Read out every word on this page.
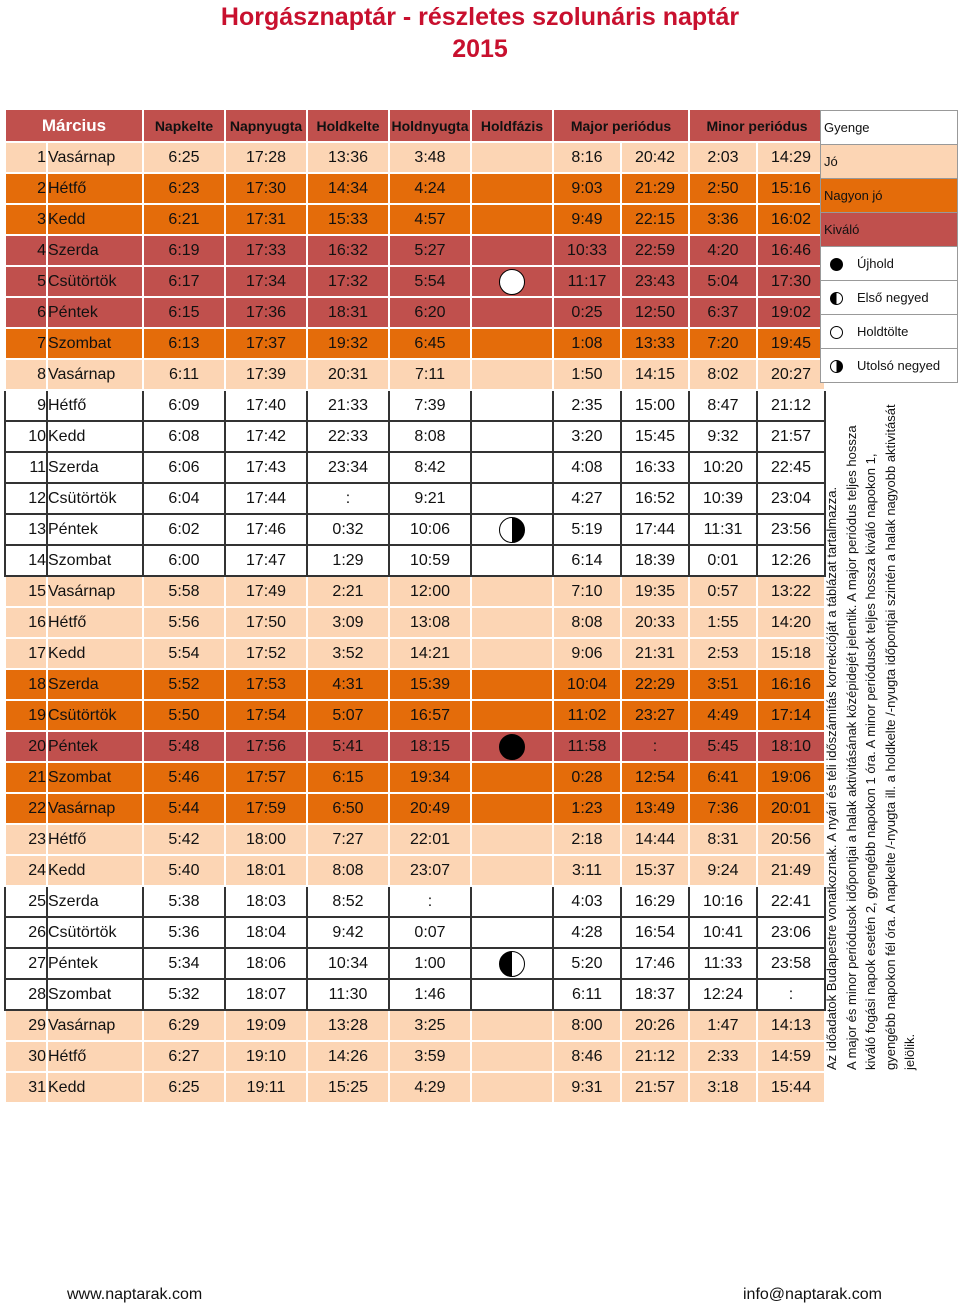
Horgásznaptár - részletes szolunáris naptár
2015
Március		Napkelte	Napnyugta	Holdkelte	Holdnyugta	Holdfázis	Major periódus		Minor periódus	
1	Vasárnap	6:25	17:28	13:36	3:48		8:16	20:42	2:03	14:29
2	Hétfő	6:23	17:30	14:34	4:24		9:03	21:29	2:50	15:16
3	Kedd	6:21	17:31	15:33	4:57		9:49	22:15	3:36	16:02
4	Szerda	6:19	17:33	16:32	5:27		10:33	22:59	4:20	16:46
5	Csütörtök	6:17	17:34	17:32	5:54		11:17	23:43	5:04	17:30
6	Péntek	6:15	17:36	18:31	6:20		0:25	12:50	6:37	19:02
7	Szombat	6:13	17:37	19:32	6:45		1:08	13:33	7:20	19:45
8	Vasárnap	6:11	17:39	20:31	7:11		1:50	14:15	8:02	20:27
9	Hétfő	6:09	17:40	21:33	7:39		2:35	15:00	8:47	21:12
10	Kedd	6:08	17:42	22:33	8:08		3:20	15:45	9:32	21:57
11	Szerda	6:06	17:43	23:34	8:42		4:08	16:33	10:20	22:45
12	Csütörtök	6:04	17:44	:	9:21		4:27	16:52	10:39	23:04
13	Péntek	6:02	17:46	0:32	10:06		5:19	17:44	11:31	23:56
14	Szombat	6:00	17:47	1:29	10:59		6:14	18:39	0:01	12:26
15	Vasárnap	5:58	17:49	2:21	12:00		7:10	19:35	0:57	13:22
16	Hétfő	5:56	17:50	3:09	13:08		8:08	20:33	1:55	14:20
17	Kedd	5:54	17:52	3:52	14:21		9:06	21:31	2:53	15:18
18	Szerda	5:52	17:53	4:31	15:39		10:04	22:29	3:51	16:16
19	Csütörtök	5:50	17:54	5:07	16:57		11:02	23:27	4:49	17:14
20	Péntek	5:48	17:56	5:41	18:15		11:58	:	5:45	18:10
21	Szombat	5:46	17:57	6:15	19:34		0:28	12:54	6:41	19:06
22	Vasárnap	5:44	17:59	6:50	20:49		1:23	13:49	7:36	20:01
23	Hétfő	5:42	18:00	7:27	22:01		2:18	14:44	8:31	20:56
24	Kedd	5:40	18:01	8:08	23:07		3:11	15:37	9:24	21:49
25	Szerda	5:38	18:03	8:52	:		4:03	16:29	10:16	22:41
26	Csütörtök	5:36	18:04	9:42	0:07		4:28	16:54	10:41	23:06
27	Péntek	5:34	18:06	10:34	1:00		5:20	17:46	11:33	23:58
28	Szombat	5:32	18:07	11:30	1:46		6:11	18:37	12:24	:
29	Vasárnap	6:29	19:09	13:28	3:25		8:00	20:26	1:47	14:13
30	Hétfő	6:27	19:10	14:26	3:59		8:46	21:12	2:33	14:59
31	Kedd	6:25	19:11	15:25	4:29		9:31	21:57	3:18	15:44
Gyenge
Jó
Nagyon jó
Kiváló
Újhold
Első negyed
Holdtölte
Utolsó negyed
Az időadatok Budapestre vonatkoznak. A nyári és téli időszámítás korrekcióját a táblázat tartalmazza. A major és minor periódusok időpontjai a halak aktivitásának középidejét jelentik. A major periódus teljes hossza kiváló fogási napok esetén 2, gyengébb napokon 1 óra. A minor periódusok teljes hossza kiváló napokon 1, gyengébb napokon fél óra. A napkelte /-nyugta ill. a holdkelte /-nyugta időpontjai szintén a halak nagyobb aktivitását jelölik.
www.naptarak.com	info@naptarak.com
